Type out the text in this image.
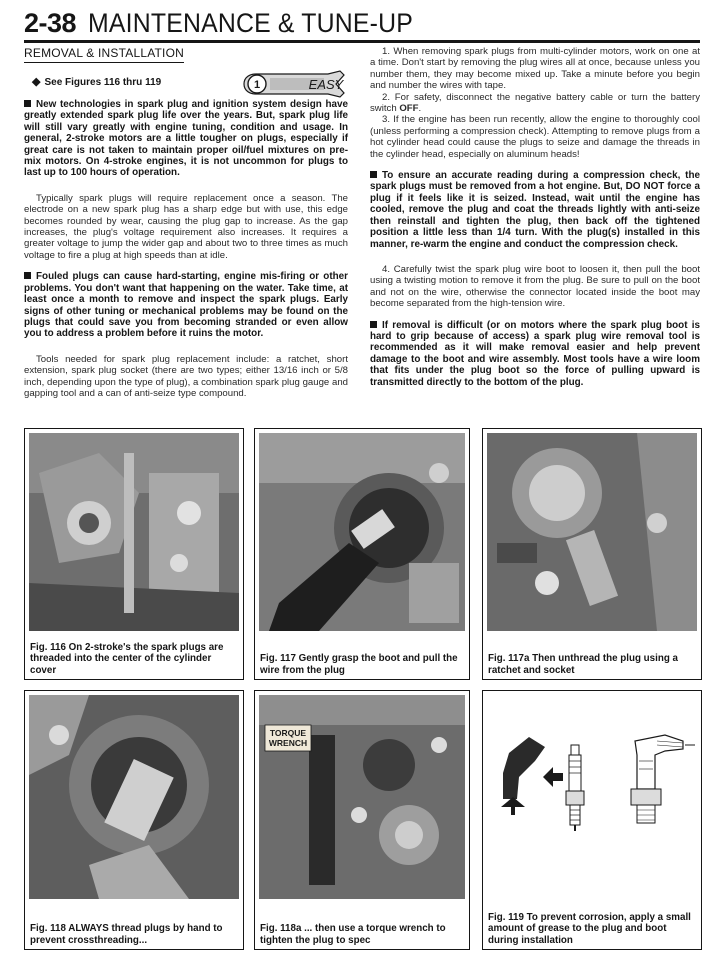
2-38 MAINTENANCE & TUNE-UP
REMOVAL & INSTALLATION
◆ See Figures 116 thru 119	1	EASY

New technologies in spark plug and ignition system design have greatly extended spark plug life over the years. But, spark plug life will still vary greatly with engine tuning, condition and usage. In general, 2-stroke motors are a little tougher on plugs, especially if great care is not taken to maintain proper oil/fuel mixtures on pre-mix motors. On 4-stroke engines, it is not uncommon for plugs to last up to 100 hours of operation.

Typically spark plugs will require replacement once a season. The electrode on a new spark plug has a sharp edge but with use, this edge becomes rounded by wear, causing the plug gap to increase. As the gap increases, the plug's voltage requirement also increases. It requires a greater voltage to jump the wider gap and about two to three times as much voltage to fire a plug at high speeds than at idle.

Fouled plugs can cause hard-starting, engine mis-firing or other problems. You don't want that happening on the water. Take time, at least once a month to remove and inspect the spark plugs. Early signs of other tuning or mechanical problems may be found on the plugs that could save you from becoming stranded or even allow you to address a problem before it ruins the motor.

Tools needed for spark plug replacement include: a ratchet, short extension, spark plug socket (there are two types; either 13/16 inch or 5/8 inch, depending upon the type of plug), a combination spark plug gauge and gapping tool and a can of anti-seize type compound.

1. When removing spark plugs from multi-cylinder motors, work on one at a time. Don't start by removing the plug wires all at once, because unless you number them, they may become mixed up. Take a minute before you begin and number the wires with tape.

2. For safety, disconnect the negative battery cable or turn the battery switch OFF.

3. If the engine has been run recently, allow the engine to thoroughly cool (unless performing a compression check). Attempting to remove plugs from a hot cylinder head could cause the plugs to seize and damage the threads in the cylinder head, especially on aluminum heads!

To ensure an accurate reading during a compression check, the spark plugs must be removed from a hot engine. But, DO NOT force a plug if it feels like it is seized. Instead, wait until the engine has cooled, remove the plug and coat the threads lightly with anti-seize then reinstall and tighten the plug, then back off the tightened position a little less than 1/4 turn. With the plug(s) installed in this manner, re-warm the engine and conduct the compression check.

4. Carefully twist the spark plug wire boot to loosen it, then pull the boot using a twisting motion to remove it from the plug. Be sure to pull on the boot and not on the wire, otherwise the connector located inside the boot may become separated from the high-tension wire.

If removal is difficult (or on motors where the spark plug boot is hard to grip because of access) a spark plug wire removal tool is recommended as it will make removal easier and help prevent damage to the boot and wire assembly. Most tools have a wire loom that fits under the plug boot so the force of pulling upward is transmitted directly to the bottom of the plug.

Fig. 116 On 2-stroke's the spark plugs are threaded into the center of the cylinder cover
Fig. 117 Gently grasp the boot and pull the wire from the plug
Fig. 117a Then unthread the plug using a ratchet and socket
Fig. 118 ALWAYS thread plugs by hand to prevent crossthreading...
TORQUE
WRENCH
Fig. 118a ... then use a torque wrench to tighten the plug to spec
Fig. 119 To prevent corrosion, apply a small amount of grease to the plug and boot during installation
